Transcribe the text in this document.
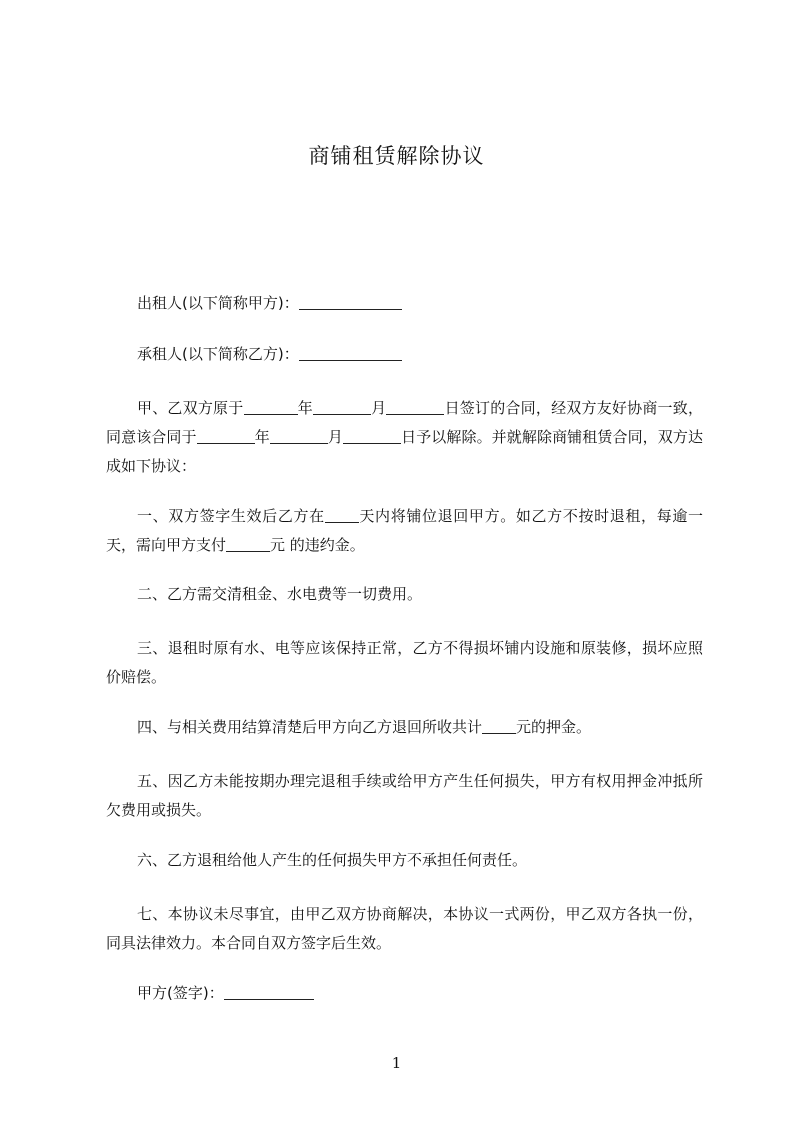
商铺租赁解除协议
出租人(以下简称甲方)：
承租人(以下简称乙方)：
甲、乙双方原于	年	月	日签订的合同，经双方友好协商一致，同意该合同于	年	月	日予以解除。并就解除商铺租赁合同，双方达成如下协议：
一、双方签字生效后乙方在 天内将铺位退回甲方。如乙方不按时退租，每逾一天，需向甲方支付	元 的违约金。
二、乙方需交清租金、水电费等一切费用。
三、退租时原有水、电等应该保持正常，乙方不得损坏铺内设施和原装修，损坏应照价赔偿。
四、与相关费用结算清楚后甲方向乙方退回所收共计 元的押金。
五、因乙方未能按期办理完退租手续或给甲方产生任何损失，甲方有权用押金冲抵所欠费用或损失。
六、乙方退租给他人产生的任何损失甲方不承担任何责任。
七、本协议未尽事宜，由甲乙双方协商解决，本协议一式两份，甲乙双方各执一份，同具法律效力。本合同自双方签字后生效。
甲方(签字)：
1
